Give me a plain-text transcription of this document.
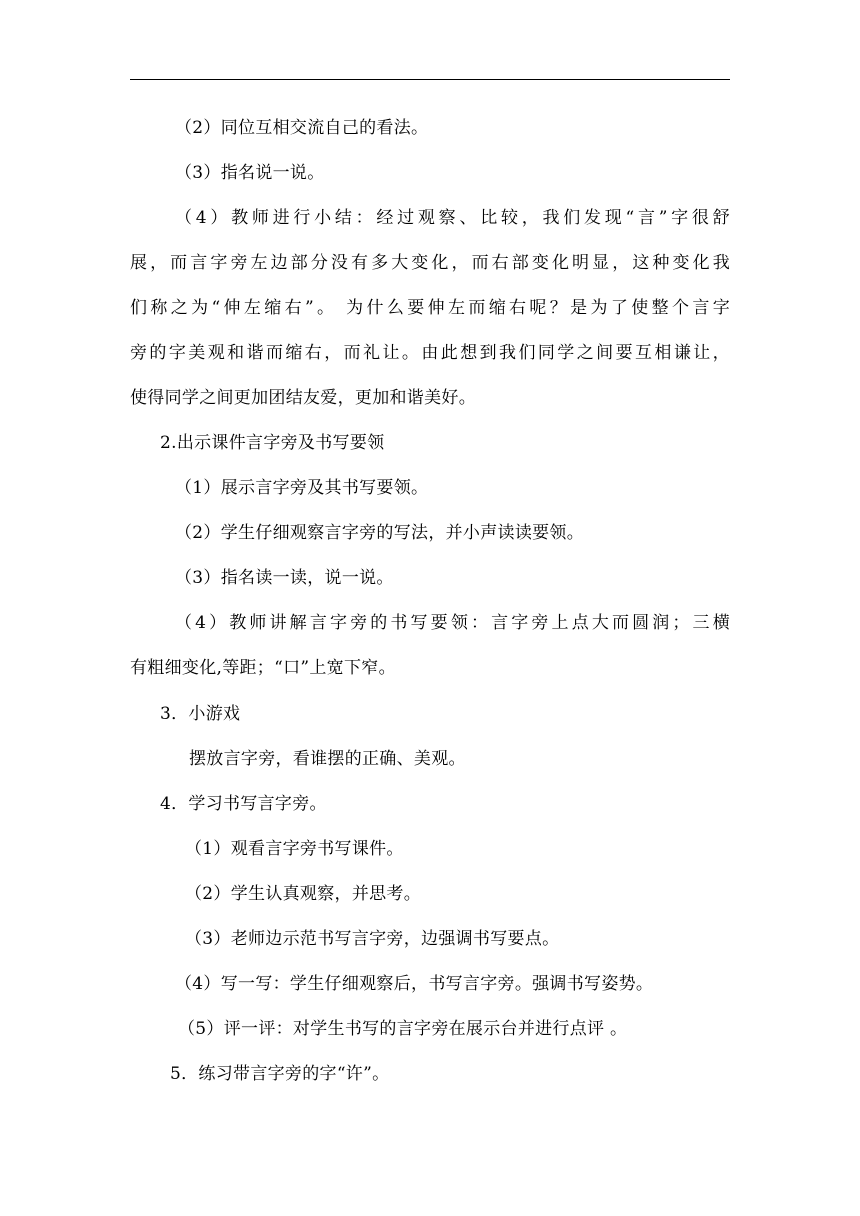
（2）同位互相交流自己的看法。
（3）指名说一说。
（4）教师进行小结：经过观察、比较，我们发现“言”字很舒
展，而言字旁左边部分没有多大变化，而右部变化明显，这种变化我
们称之为“伸左缩右”。 为什么要伸左而缩右呢？是为了使整个言字
旁的字美观和谐而缩右，而礼让。由此想到我们同学之间要互相谦让，
使得同学之间更加团结友爱，更加和谐美好。
2.出示课件言字旁及书写要领
（1）展示言字旁及其书写要领。
（2）学生仔细观察言字旁的写法，并小声读读要领。
（3）指名读一读，说一说。
（4）教师讲解言字旁的书写要领：言字旁上点大而圆润；三横
有粗细变化,等距；“口”上宽下窄。
3．小游戏
摆放言字旁，看谁摆的正确、美观。
4．学习书写言字旁。
（1）观看言字旁书写课件。
（2）学生认真观察，并思考。
（3）老师边示范书写言字旁，边强调书写要点。
（4）写一写：学生仔细观察后，书写言字旁。强调书写姿势。
（5）评一评：对学生书写的言字旁在展示台并进行点评 。
5．练习带言字旁的字“许”。
